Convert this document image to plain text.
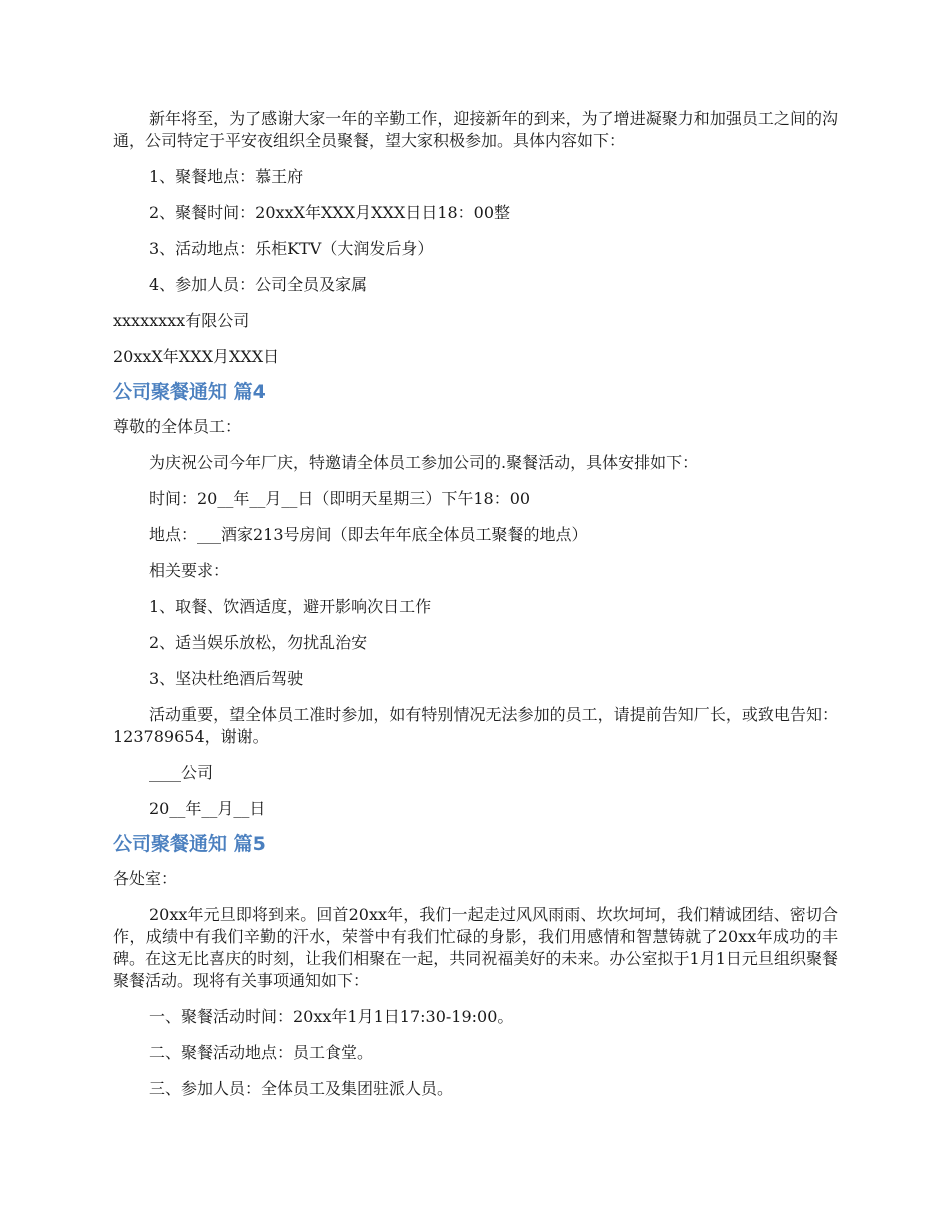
新年将至，为了感谢大家一年的辛勤工作，迎接新年的到来，为了增进凝聚力和加强员工之间的沟通，公司特定于平安夜组织全员聚餐，望大家积极参加。具体内容如下：

1、聚餐地点：慕王府

2、聚餐时间：20xxX年XXX月XXX日日18：00整

3、活动地点：乐柜KTV（大润发后身）

4、参加人员：公司全员及家属

xxxxxxxx有限公司

20xxX年XXX月XXX日

公司聚餐通知 篇4

尊敬的全体员工：

为庆祝公司今年厂庆，特邀请全体员工参加公司的.聚餐活动，具体安排如下：

时间：20__年__月__日（即明天星期三）下午18：00

地点：___酒家213号房间（即去年年底全体员工聚餐的地点）

相关要求：

1、取餐、饮酒适度，避开影响次日工作

2、适当娱乐放松，勿扰乱治安

3、坚决杜绝酒后驾驶

活动重要，望全体员工准时参加，如有特别情况无法参加的员工，请提前告知厂长，或致电告知：123789654，谢谢。

____公司

20__年__月__日

公司聚餐通知 篇5

各处室：

20xx年元旦即将到来。回首20xx年，我们一起走过风风雨雨、坎坎坷坷，我们精诚团结、密切合作，成绩中有我们辛勤的汗水，荣誉中有我们忙碌的身影，我们用感情和智慧铸就了20xx年成功的丰碑。在这无比喜庆的时刻，让我们相聚在一起，共同祝福美好的未来。办公室拟于1月1日元旦组织聚餐聚餐活动。现将有关事项通知如下：

一、聚餐活动时间：20xx年1月1日17:30-19:00。

二、聚餐活动地点：员工食堂。

三、参加人员：全体员工及集团驻派人员。
